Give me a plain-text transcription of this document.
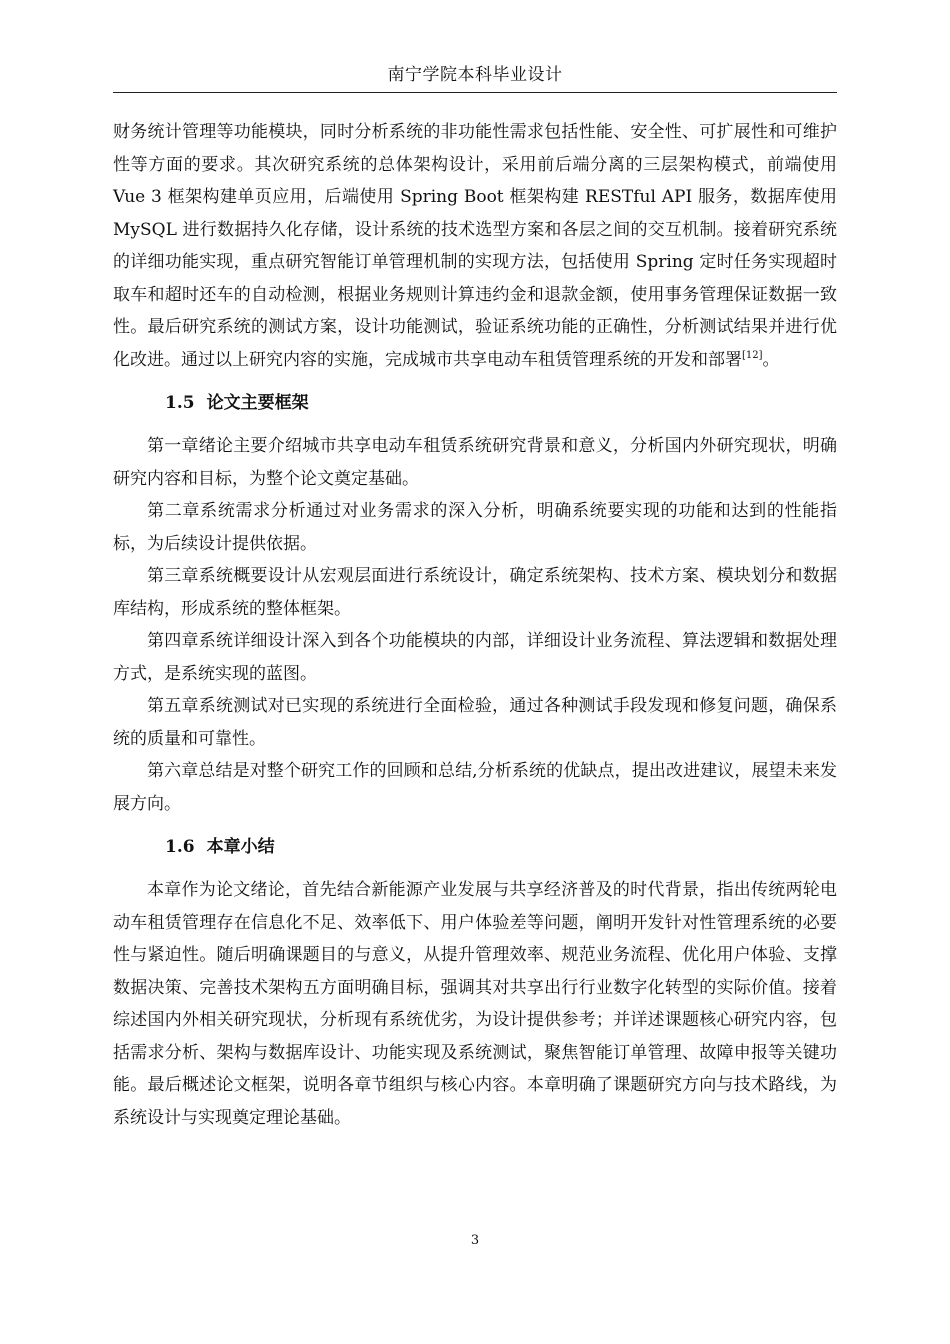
南宁学院本科毕业设计

财务统计管理等功能模块，同时分析系统的非功能性需求包括性能、安全性、可扩展性和可维护性等方面的要求。其次研究系统的总体架构设计，采用前后端分离的三层架构模式，前端使用 Vue 3 框架构建单页应用，后端使用 Spring Boot 框架构建 RESTful API 服务，数据库使用 MySQL 进行数据持久化存储，设计系统的技术选型方案和各层之间的交互机制。接着研究系统的详细功能实现，重点研究智能订单管理机制的实现方法，包括使用 Spring 定时任务实现超时取车和超时还车的自动检测，根据业务规则计算违约金和退款金额，使用事务管理保证数据一致性。最后研究系统的测试方案，设计功能测试，验证系统功能的正确性，分析测试结果并进行优化改进。通过以上研究内容的实施，完成城市共享电动车租赁管理系统的开发和部署[12]。

1.5 论文主要框架

第一章绪论主要介绍城市共享电动车租赁系统研究背景和意义，分析国内外研究现状，明确研究内容和目标，为整个论文奠定基础。

第二章系统需求分析通过对业务需求的深入分析，明确系统要实现的功能和达到的性能指标，为后续设计提供依据。

第三章系统概要设计从宏观层面进行系统设计，确定系统架构、技术方案、模块划分和数据库结构，形成系统的整体框架。

第四章系统详细设计深入到各个功能模块的内部，详细设计业务流程、算法逻辑和数据处理方式，是系统实现的蓝图。

第五章系统测试对已实现的系统进行全面检验，通过各种测试手段发现和修复问题，确保系统的质量和可靠性。

第六章总结是对整个研究工作的回顾和总结,分析系统的优缺点，提出改进建议，展望未来发展方向。

1.6 本章小结

本章作为论文绪论，首先结合新能源产业发展与共享经济普及的时代背景，指出传统两轮电动车租赁管理存在信息化不足、效率低下、用户体验差等问题，阐明开发针对性管理系统的必要性与紧迫性。随后明确课题目的与意义，从提升管理效率、规范业务流程、优化用户体验、支撑数据决策、完善技术架构五方面明确目标，强调其对共享出行行业数字化转型的实际价值。接着综述国内外相关研究现状，分析现有系统优劣，为设计提供参考；并详述课题核心研究内容，包括需求分析、架构与数据库设计、功能实现及系统测试，聚焦智能订单管理、故障申报等关键功能。最后概述论文框架，说明各章节组织与核心内容。本章明确了课题研究方向与技术路线，为系统设计与实现奠定理论基础。

3
